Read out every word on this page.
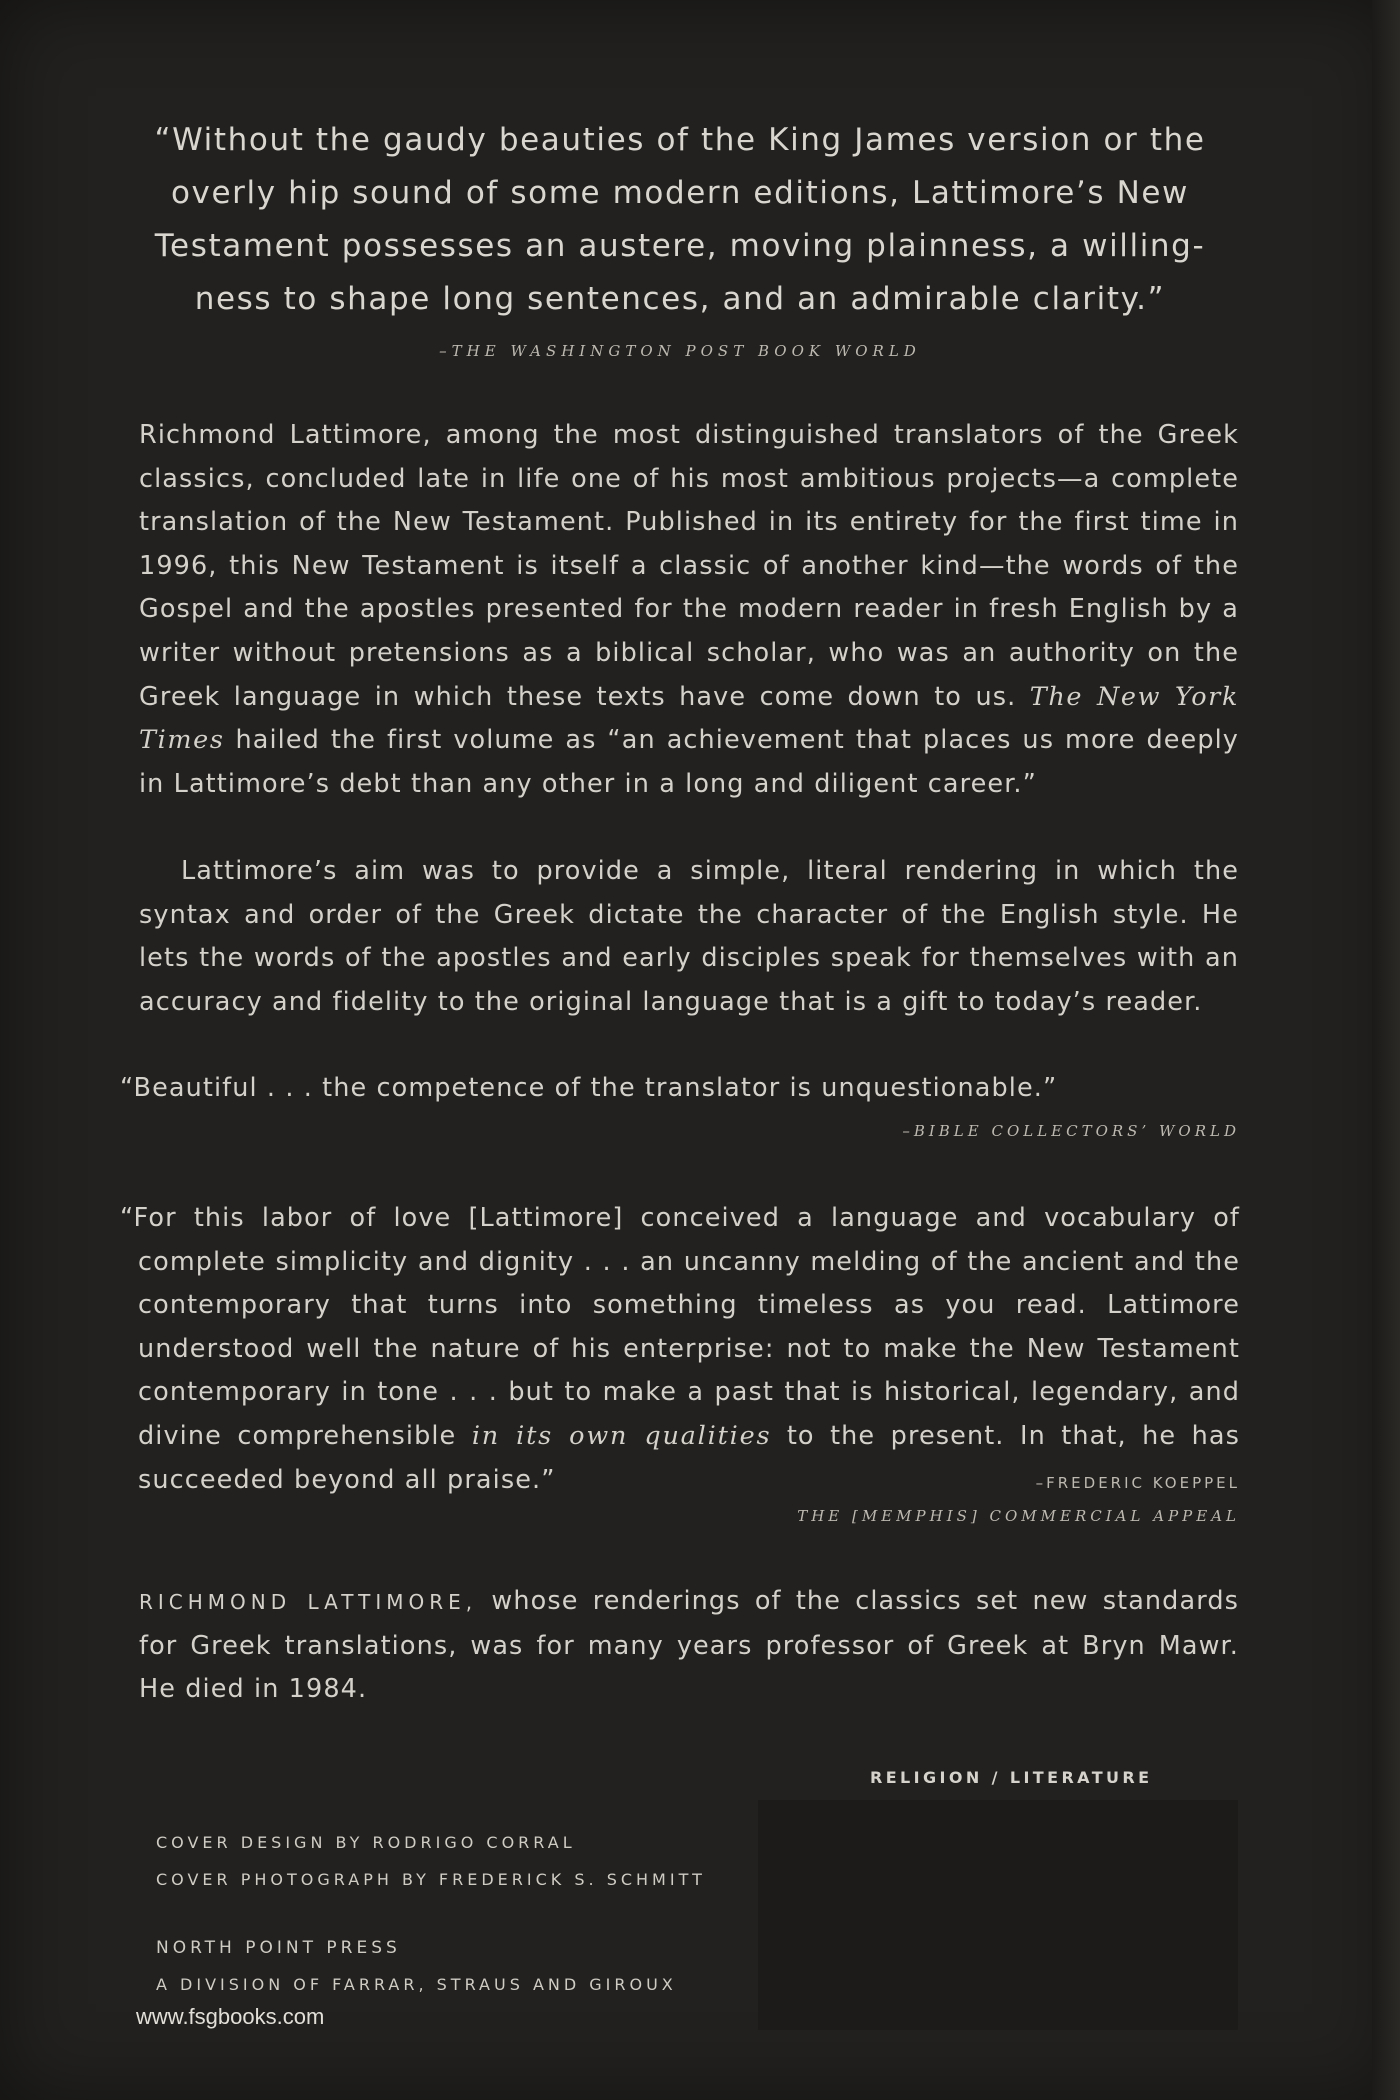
“Without the gaudy beauties of the King James version or the
overly hip sound of some modern editions, Lattimore’s New
Testament possesses an austere, moving plainness, a willing-
ness to shape long sentences, and an admirable clarity.”
–THE WASHINGTON POST BOOK WORLD

Richmond Lattimore, among the most distinguished translators of the Greek classics, concluded late in life one of his most ambitious projects—a complete translation of the New Testament. Published in its entirety for the first time in 1996, this New Testament is itself a classic of another kind—the words of the Gospel and the apostles presented for the modern reader in fresh English by a writer without pretensions as a biblical scholar, who was an authority on the Greek language in which these texts have come down to us. The New York Times hailed the first volume as “an achievement that places us more deeply in Lattimore’s debt than any other in a long and diligent career.”

Lattimore’s aim was to provide a simple, literal rendering in which the syntax and order of the Greek dictate the character of the English style. He lets the words of the apostles and early disciples speak for themselves with an accuracy and fidelity to the original language that is a gift to today’s reader.

“Beautiful . . . the competence of the translator is unquestionable.”

–BIBLE COLLECTORS’ WORLD

“For this labor of love [Lattimore] conceived a language and vocabulary of complete simplicity and dignity . . . an uncanny melding of the ancient and the contemporary that turns into something timeless as you read. Lattimore understood well the nature of his enterprise: not to make the New Testament contemporary in tone . . . but to make a past that is historical, legendary, and divine comprehensible in its own qualities to the present. In that, he has succeeded beyond all praise.”	–FREDERIC KOEPPEL
THE [MEMPHIS] COMMERCIAL APPEAL

RICHMOND LATTIMORE, whose renderings of the classics set new standards for Greek translations, was for many years professor of Greek at Bryn Mawr. He died in 1984.

RELIGION / LITERATURE
COVER DESIGN BY RODRIGO CORRAL
COVER PHOTOGRAPH BY FREDERICK S. SCHMITT
NORTH POINT PRESS
A DIVISION OF FARRAR, STRAUS AND GIROUX
www.fsgbooks.com
